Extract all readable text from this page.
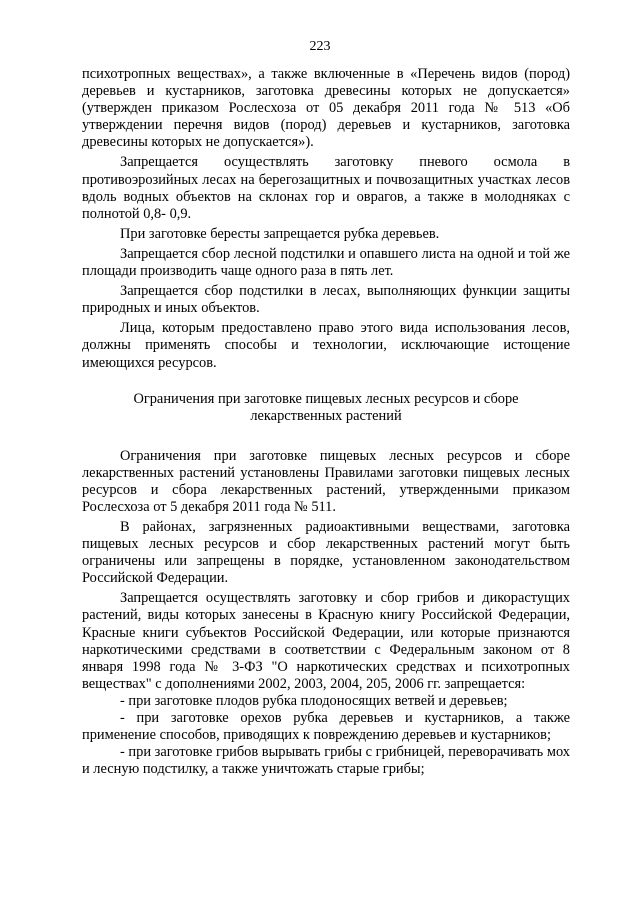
223

психотропных веществах», а также включенные в «Перечень видов (пород) деревьев и кустарников, заготовка древесины которых не допускается» (утвержден приказом Рослесхоза от 05 декабря 2011 года № 513 «Об утверждении перечня видов (пород) деревьев и кустарников, заготовка древесины которых не допускается»).

Запрещается осуществлять заготовку пневого осмола в противоэрозийных лесах на берегозащитных и почвозащитных участках лесов вдоль водных объектов на склонах гор и оврагов, а также в молодняках с полнотой 0,8- 0,9.

При заготовке бересты запрещается рубка деревьев.

Запрещается сбор лесной подстилки и опавшего листа на одной и той же площади производить чаще одного раза в пять лет.

Запрещается сбор подстилки в лесах, выполняющих функции защиты природных и иных объектов.

Лица, которым предоставлено право этого вида использования лесов, должны применять способы и технологии, исключающие истощение имеющихся ресурсов.

Ограничения при заготовке пищевых лесных ресурсов и сборе
лекарственных растений

Ограничения при заготовке пищевых лесных ресурсов и сборе лекарственных растений установлены Правилами заготовки пищевых лесных ресурсов и сбора лекарственных растений, утвержденными приказом Рослесхоза от 5 декабря 2011 года № 511.

В районах, загрязненных радиоактивными веществами, заготовка пищевых лесных ресурсов и сбор лекарственных растений могут быть ограничены или запрещены в порядке, установленном законодательством Российской Федерации.

Запрещается осуществлять заготовку и сбор грибов и дикорастущих растений, виды которых занесены в Красную книгу Российской Федерации, Красные книги субъектов Российской Федерации, или которые признаются наркотическими средствами в соответствии с Федеральным законом от 8 января 1998 года № 3-ФЗ "О наркотических средствах и психотропных веществах" с дополнениями 2002, 2003, 2004, 205, 2006 гг. запрещается:

- при заготовке плодов рубка плодоносящих ветвей и деревьев;

- при заготовке орехов рубка деревьев и кустарников, а также применение способов, приводящих к повреждению деревьев и кустарников;

- при заготовке грибов вырывать грибы с грибницей, переворачивать мох и лесную подстилку, а также уничтожать старые грибы;
